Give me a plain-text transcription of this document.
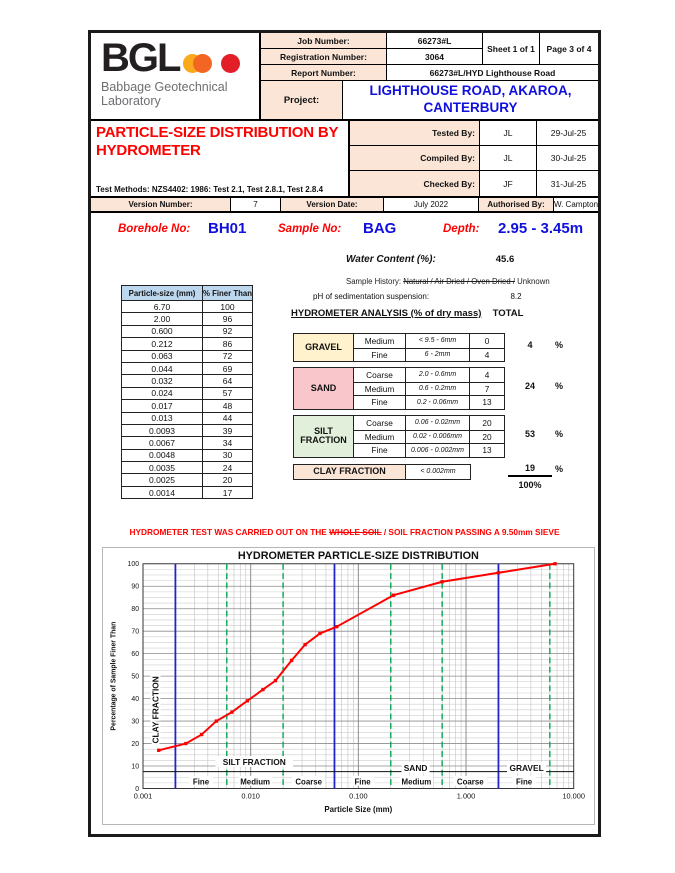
BGL
Babbage Geotechnical
Laboratory
Job Number:	66273#L
Sheet 1 of 1	Page 3 of 4
Registration Number:	3064
Report Number:	66273#L/HYD Lighthouse Road
Project:
LIGHTHOUSE ROAD, AKAROA,
CANTERBURY
PARTICLE-SIZE DISTRIBUTION BY
HYDROMETER
Test Methods: NZS4402: 1986: Test 2.1, Test 2.8.1, Test 2.8.4
Tested By:	JL	29-Jul-25
Compiled By:	JL	30-Jul-25
Checked By:	JF	31-Jul-25
Version Number:	7	Version Date:	July 2022	Authorised By:	W. Campton
Borehole No: BH01	Sample No: BAG	Depth: 2.95 - 3.45m
Water Content (%):	45.6
Sample History: Natural / Air Dried / Oven Dried / Unknown
pH of sedimentation suspension:	8.2
HYDROMETER ANALYSIS (% of dry mass)	TOTAL
Particle-size (mm) % Finer Than
6.70	100
2.00	96
0.600	92
0.212	86
0.063	72
0.044	69
0.032	64
0.024	57
0.017	48
0.013	44
0.0093	39
0.0067	34
0.0048	30
0.0035	24
0.0025	20
0.0014	17
GRAVEL
Medium	< 9.5 - 6mm	0
Fine	6 - 2mm	4
SAND
Coarse	2.0 - 0.6mm	4
Medium	0.6 - 0.2mm	7
Fine	0.2 - 0.06mm	13
SILT FRACTION
Coarse	0.06 - 0.02mm	20
Medium	0.02 - 0.006mm	20
Fine	0.006 - 0.002mm	13
CLAY FRACTION	< 0.002mm
4	%
24	%
53	%
19	%
100%
HYDROMETER TEST WAS CARRIED OUT ON THE WHOLE SOIL / SOIL FRACTION PASSING A 9.50mm SIEVE
0
10
20
30
40
50
60
70
80
90
100
0.001	0.010	0.100	1.000	10.000
CLAY FRACTION
SILT FRACTION
SAND	GRAVEL
Fine	Medium	Coarse	Fine	Medium	Coarse	Fine
HYDROMETER PARTICLE-SIZE DISTRIBUTION
Particle Size (mm)
Percentage of Sample Finer Than
